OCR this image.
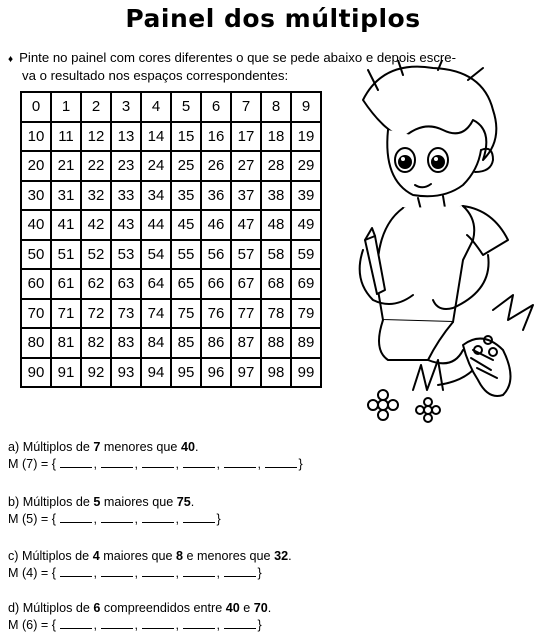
Painel dos múltiplos
♦ Pinte no painel com cores diferentes o que se pede abaixo e depois escre-
va o resultado nos espaços correspondentes:
0	1	2	3	4	5	6	7	8	9
10	11	12	13	14	15	16	17	18	19
20	21	22	23	24	25	26	27	28	29
30	31	32	33	34	35	36	37	38	39
40	41	42	43	44	45	46	47	48	49
50	51	52	53	54	55	56	57	58	59
60	61	62	63	64	65	66	67	68	69
70	71	72	73	74	75	76	77	78	79
80	81	82	83	84	85	86	87	88	89
90	91	92	93	94	95	96	97	98	99
a) Múltiplos de 7 menores que 40.
M (7) = {	,	,	,	,	,	}
b) Múltiplos de 5 maiores que 75.
M (5) = {	,	,	,	}
c) Múltiplos de 4 maiores que 8 e menores que 32.
M (4) = {	,	,	,	,	}
d) Múltiplos de 6 compreendidos entre 40 e 70.
M (6) = {	,	,	,	,	}
